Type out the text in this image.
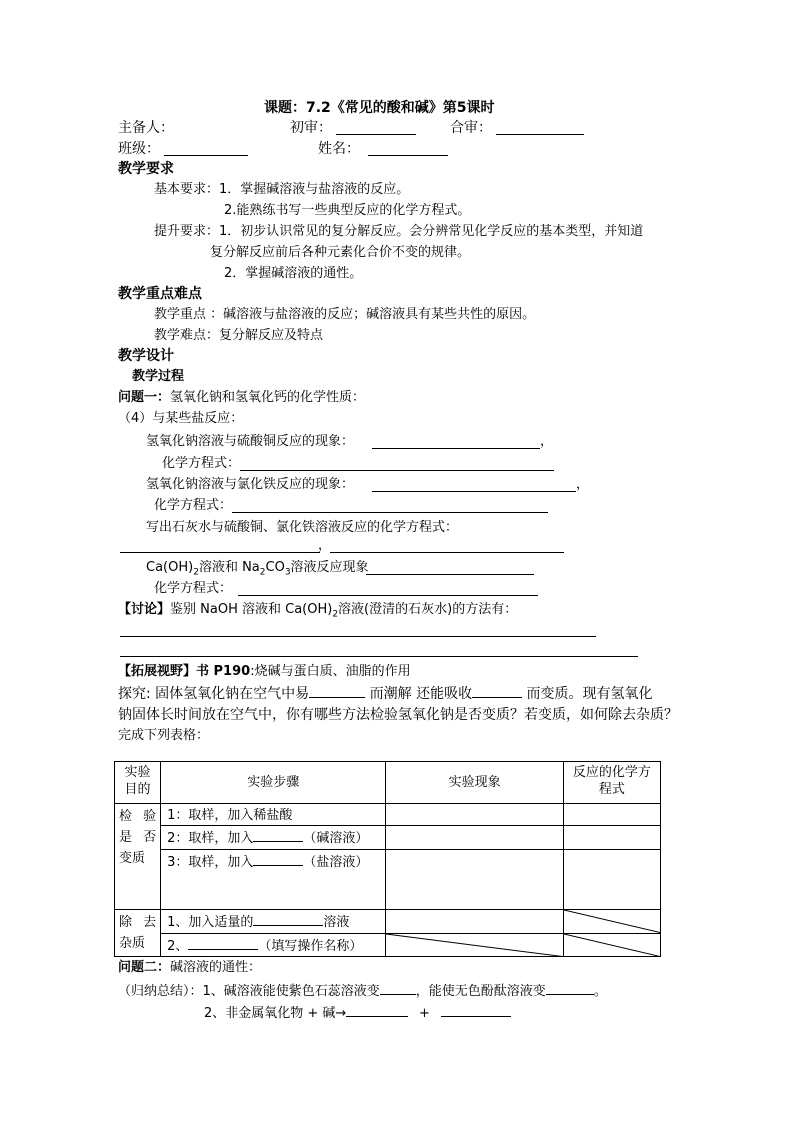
课题：7.2《常见的酸和碱》第5课时
主备人：	初审：	合审：
班级：	姓名：
教学要求
基本要求：1．掌握碱溶液与盐溶液的反应。
2.能熟练书写一些典型反应的化学方程式。
提升要求：1．初步认识常见的复分解反应。会分辨常见化学反应的基本类型，并知道
复分解反应前后各种元素化合价不变的规律。
2．掌握碱溶液的通性。
教学重点难点
教学重点 ：碱溶液与盐溶液的反应；碱溶液具有某些共性的原因。
教学难点：复分解反应及特点
教学设计
教学过程
问题一：氢氧化钠和氢氧化钙的化学性质：
（4）与某些盐反应：
氢氧化钠溶液与硫酸铜反应的现象：	，
化学方程式：
氢氧化钠溶液与氯化铁反应的现象：	，
化学方程式：
写出石灰水与硫酸铜、氯化铁溶液反应的化学方程式：
，
$Ca(OH)_2$溶液和 $Na_2CO_3$溶液反应现象
化学方程式：
【讨论】鉴别 NaOH 溶液和 $Ca(OH)_2$溶液(澄清的石灰水)的方法有：
【拓展视野】书 P190:烧碱与蛋白质、油脂的作用
探究: 固体氢氧化钠在空气中易	而潮解 还能吸收	而变质。现有氢氧化
钠固体长时间放在空气中，你有哪些方法检验氢氧化钠是否变质？若变质，如何除去杂质？
完成下列表格：
实验目的	实验步骤	实验现象	反应的化学方程式
检验是否变质	1：取样，加入稀盐酸		
	2：取样，加入 （碱溶液）		
	3：取样，加入 （盐溶液）		
除去杂质	1、加入适量的 溶液		

	2、 （填写操作名称）	

问题二：碱溶液的通性：
（归纳总结）：1、碱溶液能使紫色石蕊溶液变	，能使无色酚酞溶液变	。
2、非金属氧化物 + 碱→	+
